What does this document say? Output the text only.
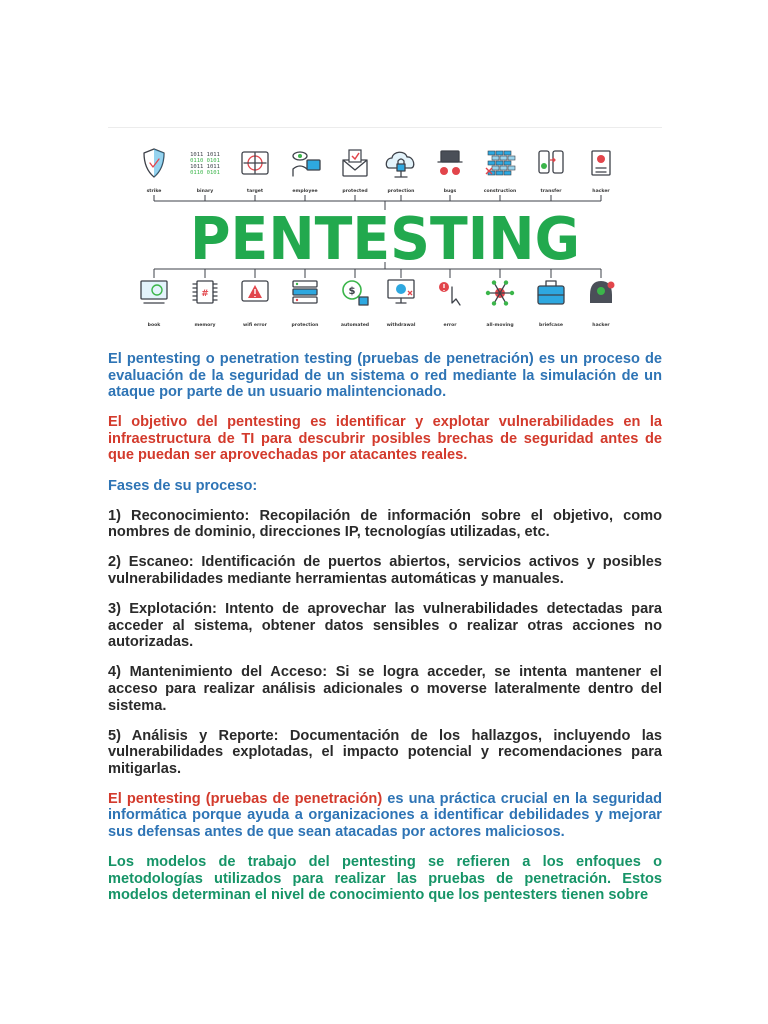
PENTESTING
strike
1011 1011
0110 0101
1011 1011
0110 0101
binary	target	employee	protected	protection	bugs	construction	transfer	hacker
book
#
memory	wifi error	protection
$
automated	withdrawal	error	all-moving	briefcase	hacker

El pentesting o penetration testing (pruebas de penetración) es un proceso de evaluación de la seguridad de un sistema o red mediante la simulación de un ataque por parte de un usuario malintencionado.

El objetivo del pentesting es identificar y explotar vulnerabilidades en la infraestructura de TI para descubrir posibles brechas de seguridad antes de que puedan ser aprovechadas por atacantes reales.

Fases de su proceso:

1) Reconocimiento: Recopilación de información sobre el objetivo, como nombres de dominio, direcciones IP, tecnologías utilizadas, etc.

2) Escaneo: Identificación de puertos abiertos, servicios activos y posibles vulnerabilidades mediante herramientas automáticas y manuales.

3) Explotación: Intento de aprovechar las vulnerabilidades detectadas para acceder al sistema, obtener datos sensibles o realizar otras acciones no autorizadas.

4) Mantenimiento del Acceso: Si se logra acceder, se intenta mantener el acceso para realizar análisis adicionales o moverse lateralmente dentro del sistema.

5) Análisis y Reporte: Documentación de los hallazgos, incluyendo las vulnerabilidades explotadas, el impacto potencial y recomendaciones para mitigarlas.

El pentesting (pruebas de penetración) es una práctica crucial en la seguridad informática porque ayuda a organizaciones a identificar debilidades y mejorar sus defensas antes de que sean atacadas por actores maliciosos.

Los modelos de trabajo del pentesting se refieren a los enfoques o metodologías utilizados para realizar las pruebas de penetración. Estos modelos determinan el nivel de conocimiento que los pentesters tienen sobre
